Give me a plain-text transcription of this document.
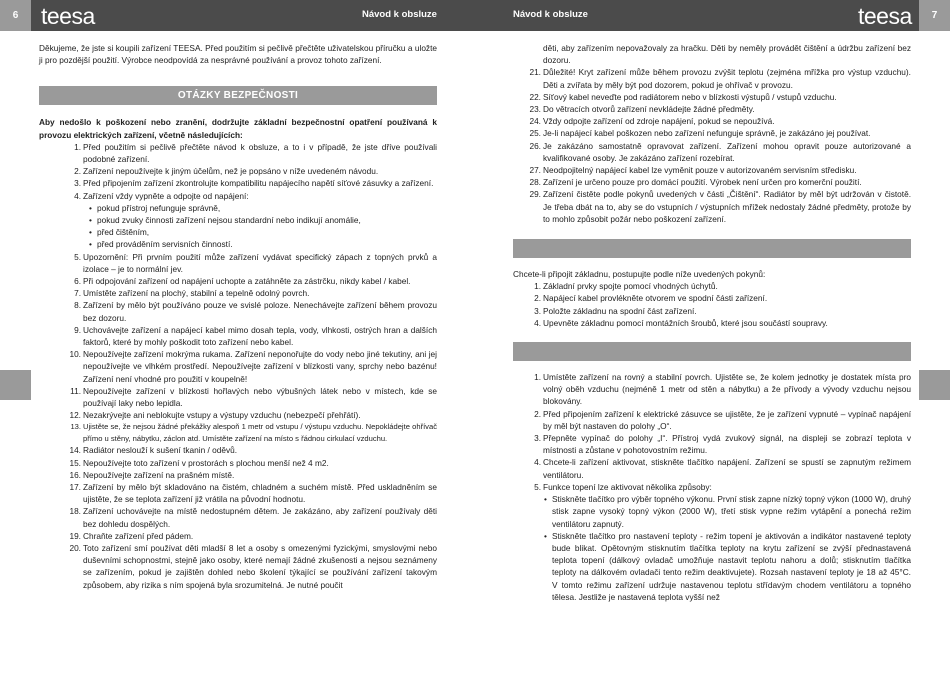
6 teesa	Návod k obsluze	Návod k obsluze	teesa	7

Děkujeme, že jste si koupili zařízení TEESA. Před použitím si pečlivě přečtěte uživatelskou příručku a uložte ji pro pozdější použití. Výrobce neodpovídá za nesprávné používání a provoz tohoto zařízení.

OTÁZKY BEZPEČNOSTI

Aby nedošlo k poškození nebo zranění, dodržujte základní bezpečnostní opatření používaná k provozu elektrických zařízení, včetně následujících:

1. Před použitím si pečlivě přečtěte návod k obsluze, a to i v případě, že jste dříve používali podobné zařízení.
2. Zařízení nepoužívejte k jiným účelům, než je popsáno v níže uvedeném návodu.
3. Před připojením zařízení zkontrolujte kompatibilitu napájecího napětí síťové zásuvky a zařízení.
4. Zařízení vždy vypněte a odpojte od napájení:
• pokud přístroj nefunguje správně,
• pokud zvuky činnosti zařízení nejsou standardní nebo indikují anomálie,
• před čištěním,
• před prováděním servisních činností.
5. Upozornění: Při prvním použití může zařízení vydávat specifický zápach z topných prvků a izolace – je to normální jev.
6. Při odpojování zařízení od napájení uchopte a zatáhněte za zástrčku, nikdy kabel / kabel.
7. Umístěte zařízení na plochý, stabilní a tepelně odolný povrch.
8. Zařízení by mělo být používáno pouze ve svislé poloze. Nenechávejte zařízení během provozu bez dozoru.
9. Uchovávejte zařízení a napájecí kabel mimo dosah tepla, vody, vlhkosti, ostrých hran a dalších faktorů, které by mohly poškodit toto zařízení nebo kabel.
10. Nepoužívejte zařízení mokrýma rukama. Zařízení neponořujte do vody nebo jiné tekutiny, ani jej nepoužívejte ve vlhkém prostředí. Nepoužívejte zařízení v blízkosti vany, sprchy nebo bazénu! Zařízení není vhodné pro použití v koupelně!
11. Nepoužívejte zařízení v blízkosti hořlavých nebo výbušných látek nebo v místech, kde se používají laky nebo lepidla.
12. Nezakrývejte ani neblokujte vstupy a výstupy vzduchu (nebezpečí přehřátí).
13. Ujistěte se, že nejsou žádné překážky alespoň 1 metr od vstupu / výstupu vzduchu. Nepokládejte ohřívač přímo u stěny, nábytku, záclon atd. Umístěte zařízení na místo s řádnou cirkulací vzduchu.
14. Radiátor neslouží k sušení tkanin / oděvů.
15. Nepoužívejte toto zařízení v prostorách s plochou menší než 4 m2.
16. Nepoužívejte zařízení na prašném místě.
17. Zařízení by mělo být skladováno na čistém, chladném a suchém místě. Před uskladněním se ujistěte, že se teplota zařízení již vrátila na původní hodnotu.
18. Zařízení uchovávejte na místě nedostupném dětem. Je zakázáno, aby zařízení používaly děti bez dohledu dospělých.
19. Chraňte zařízení před pádem.
20. Toto zařízení smí používat děti mladší 8 let a osoby s omezenými fyzickými, smyslovými nebo duševními schopnostmi, stejně jako osoby, které nemají žádné zkušenosti a nejsou seznámeny se zařízením, pokud je zajištěn dohled nebo školení týkající se používání zařízení takovým způsobem, aby rizika s ním spojená byla srozumitelná. Je nutné poučit

děti, aby zařízením nepovažovaly za hračku. Děti by neměly provádět čištění a údržbu zařízení bez dozoru.

21. Důležité! Kryt zařízení může během provozu zvýšit teplotu (zejména mřížka pro výstup vzduchu). Děti a zvířata by měly být pod dozorem, pokud je ohřívač v provozu.
22. Síťový kabel neveďte pod radiátorem nebo v blízkosti výstupů / vstupů vzduchu.
23. Do větracích otvorů zařízení nevkládejte žádné předměty.
24. Vždy odpojte zařízení od zdroje napájení, pokud se nepoužívá.
25. Je-li napájecí kabel poškozen nebo zařízení nefunguje správně, je zakázáno jej používat.
26. Je zakázáno samostatně opravovat zařízení. Zařízení mohou opravit pouze autorizované a kvalifikované osoby. Je zakázáno zařízení rozebírat.
27. Neodpojitelný napájecí kabel lze vyměnit pouze v autorizovaném servisním středisku.
28. Zařízení je určeno pouze pro domácí použití. Výrobek není určen pro komerční použití.
29. Zařízení čistěte podle pokynů uvedených v části „Čištění“. Radiátor by měl být udržován v čistotě. Je třeba dbát na to, aby se do vstupních / výstupních mřížek nedostaly žádné předměty, protože by to mohlo způsobit požár nebo poškození zařízení.

Chcete-li připojit základnu, postupujte podle níže uvedených pokynů:

1. Základní prvky spojte pomocí vhodných úchytů.
2. Napájecí kabel provlékněte otvorem ve spodní části zařízení.
3. Položte základnu na spodní část zařízení.
4. Upevněte základnu pomocí montážních šroubů, které jsou součástí soupravy.
1. Umístěte zařízení na rovný a stabilní povrch. Ujistěte se, že kolem jednotky je dostatek místa pro volný oběh vzduchu (nejméně 1 metr od stěn a nábytku) a že přívody a vývody vzduchu nejsou blokovány.
2. Před připojením zařízení k elektrické zásuvce se ujistěte, že je zařízení vypnuté – vypínač napájení by měl být nastaven do polohy „O“.
3. Přepněte vypínač do polohy „I“. Přístroj vydá zvukový signál, na displeji se zobrazí teplota v místnosti a zůstane v pohotovostním režimu.
4. Chcete-li zařízení aktivovat, stiskněte tlačítko napájení. Zařízení se spustí se zapnutým režimem ventilátoru.
5. Funkce topení lze aktivovat několika způsoby:
• Stiskněte tlačítko pro výběr topného výkonu. První stisk zapne nízký topný výkon (1000 W), druhý stisk zapne vysoký topný výkon (2000 W), třetí stisk vypne režim vytápění a ponechá režim ventilátoru zapnutý.
• Stiskněte tlačítko pro nastavení teploty - režim topení je aktivován a indikátor nastavené teploty bude blikat. Opětovným stisknutím tlačítka teploty na krytu zařízení se zvýší přednastavená teplota topení (dálkový ovladač umožňuje nastavit teplotu nahoru a dolů; stisknutím tlačítka teploty na dálkovém ovladači tento režim deaktivujete). Rozsah nastavení teploty je 18 až 45°C. V tomto režimu zařízení udržuje nastavenou teplotu střídavým chodem ventilátoru a topného tělesa. Jestliže je nastavená teplota vyšší než
